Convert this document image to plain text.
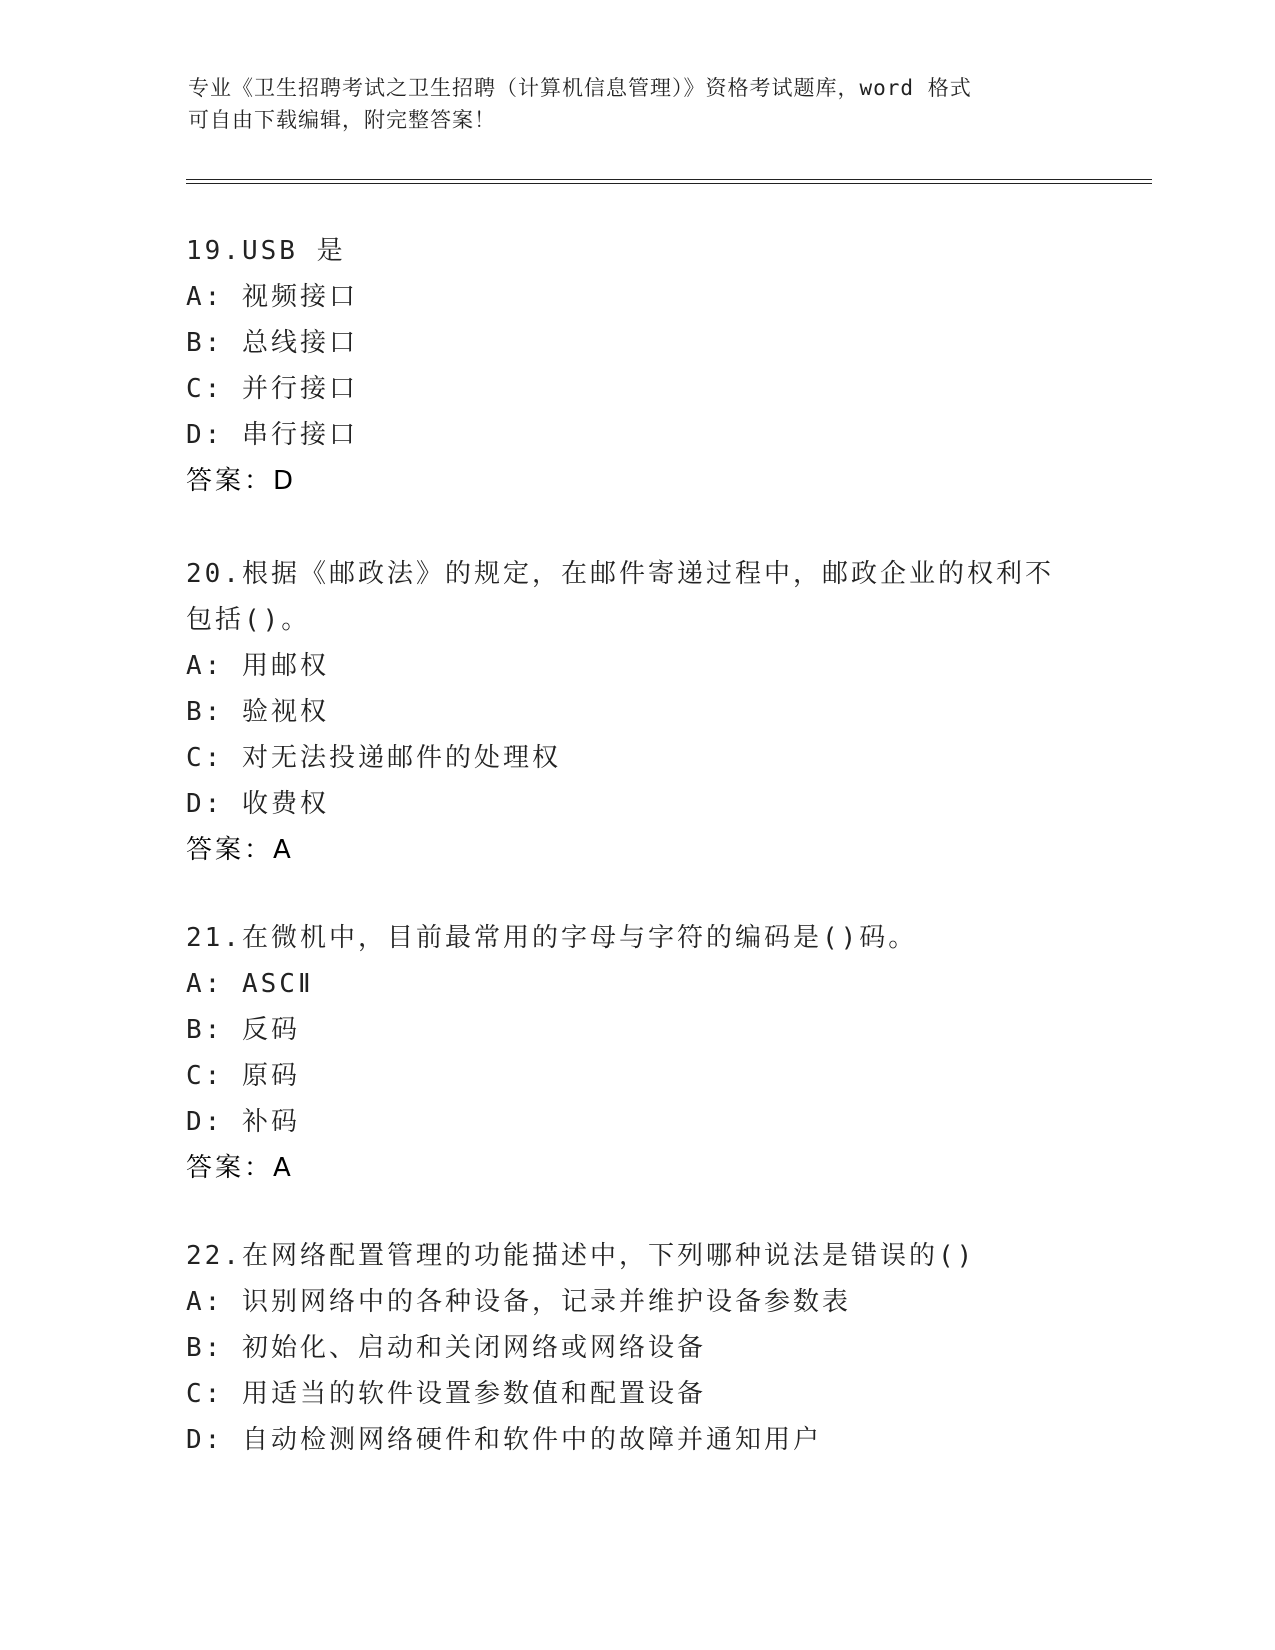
专业《卫生招聘考试之卫生招聘（计算机信息管理）》资格考试题库，word 格式
可自由下载编辑，附完整答案！
19.USB 是
A: 视频接口
B: 总线接口
C: 并行接口
D: 串行接口
答案：D
20.根据《邮政法》的规定，在邮件寄递过程中，邮政企业的权利不包括()。
A: 用邮权
B: 验视权
C: 对无法投递邮件的处理权
D: 收费权
答案：A
21.在微机中，目前最常用的字母与字符的编码是()码。
A: ASCⅡ
B: 反码
C: 原码
D: 补码
答案：A
22.在网络配置管理的功能描述中，下列哪种说法是错误的()
A: 识别网络中的各种设备，记录并维护设备参数表
B: 初始化、启动和关闭网络或网络设备
C: 用适当的软件设置参数值和配置设备
D: 自动检测网络硬件和软件中的故障并通知用户
